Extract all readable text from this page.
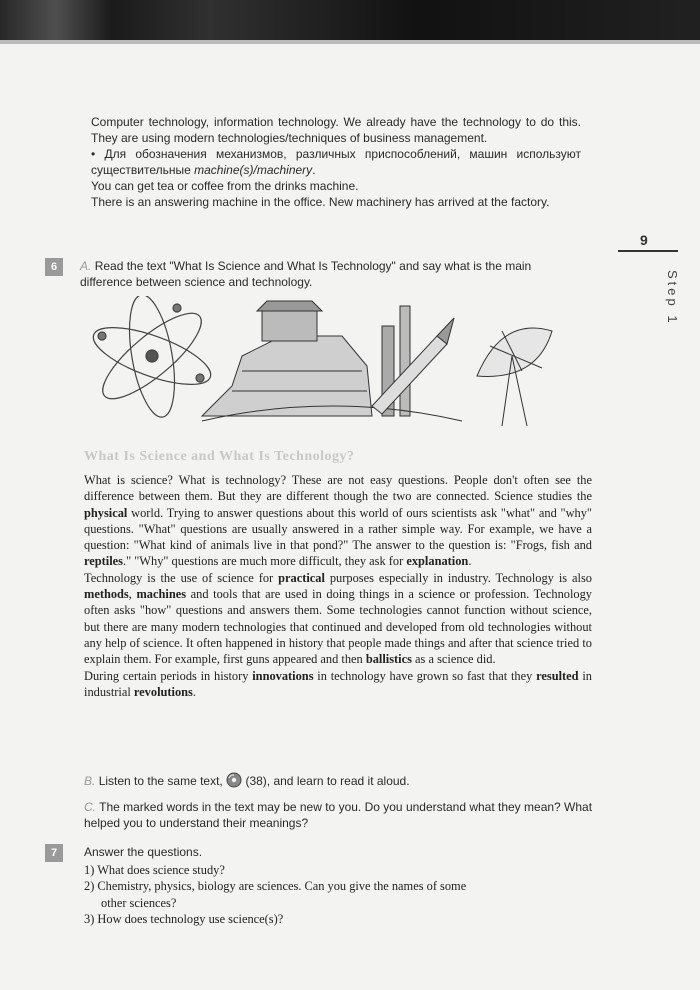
Computer technology, information technology. We already have the technology to do this. They are using modern technologies/techniques of business management.

• Для обозначения механизмов, различных приспособлений, машин используют существительные machine(s)/machinery.

You can get tea or coffee from the drinks machine.

There is an answering machine in the office. New machinery has arrived at the factory.

9
Step 1
6	A. Read the text "What Is Science and What Is Technology" and say what is the main difference between science and technology.
What Is Science and What Is Technology?

What is science? What is technology? These are not easy questions. People don't often see the difference between them. But they are different though the two are connected. Science studies the physical world. Trying to answer questions about this world of ours scientists ask "what" and "why" questions. "What" questions are usually answered in a rather simple way. For example, we have a question: "What kind of animals live in that pond?" The answer to the question is: "Frogs, fish and reptiles." "Why" questions are much more difficult, they ask for explanation.

Technology is the use of science for practical purposes especially in industry. Technology is also methods, machines and tools that are used in doing things in a science or profession. Technology often asks "how" questions and answers them. Some technologies cannot function without science, but there are many modern technologies that continued and developed from old technologies without any help of science. It often happened in history that people made things and after that science tried to explain them. For example, first guns appeared and then ballistics as a science did.

During certain periods in history innovations in technology have grown so fast that they resulted in industrial revolutions.

B. Listen to the same text, (38), and learn to read it aloud.
C. The marked words in the text may be new to you. Do you understand what they mean? What helped you to understand their meanings?
7	Answer the questions.
1) What does science study?
2) Chemistry, physics, biology are sciences. Can you give the names of some
other sciences?
3) How does technology use science(s)?
